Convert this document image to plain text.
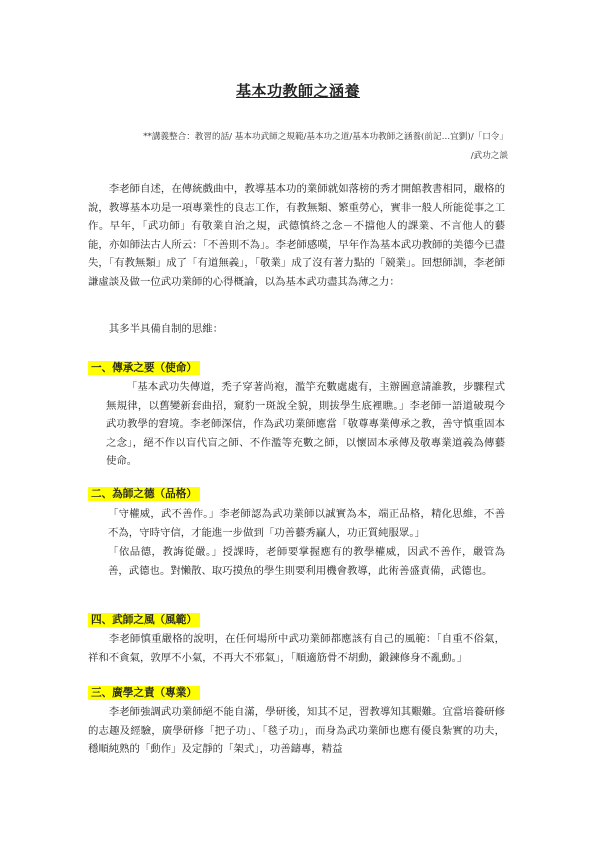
基本功教師之涵養
**講義整合：教習的話/ 基本功武師之規範/基本功之道/基本功教師之涵養(前記…宜劉)/「口令」
/武功之談

李老師自述，在傳統戲曲中，教導基本功的業師就如落榜的秀才開館教書相同，嚴格的說，教導基本功是一項專業性的良志工作，有教無類、繁重勞心，實非一般人所能從事之工作。早年，「武功師」有敬業自治之規，武德慎終之念－不擋他人的課業、不言他人的藝能，亦如師法古人所云：「不善則不為」。李老師感嘆，早年作為基本武功教師的美德今已盡失，「有教無類」成了「有道無義」，「敬業」成了沒有著力點的「競業」。回想師訓，李老師謙虛談及做一位武功業師的心得概論，以為基本武功盡其為薄之力：

其多半具備自制的思維：

一、傳承之要（使命）

「基本武功失傳道，禿子穿著尚袍，濫竽充數處處有，主辦圖意請誰教，步驟程式無規律，以舊變新套曲招，窺豹一斑說全貌，則拔學生底裡瞧。」李老師一語道破現今武功教學的窘境。李老師深信，作為武功業師應當「敬尊專業傳承之教，善守慎重固本之念」，絕不作以盲代盲之師、不作濫等充數之師，以懷固本承傳及敬專業道義為傳藝使命。

二、為師之德（品格）

「守權威，武不善作。」李老師認為武功業師以誠實為本，端正品格，精化思維，不善不為，守時守信，才能進一步做到「功善藝秀贏人，功正質純服眾。」

「依品德，教誨從嚴。」授課時，老師要掌握應有的教學權威，因武不善作，嚴管為善，武德也。對懶散、取巧摸魚的學生則要利用機會教導，此術善盛責備，武德也。

四、武師之風（風範）

李老師慎重嚴格的說明，在任何場所中武功業師都應該有自己的風範：「自重不俗氣，祥和不貪氣，敦厚不小氣，不再大不邪氣」，「順適筋骨不胡動，鍛鍊修身不亂動。」

三、廣學之責（專業）

李老師強調武功業師絕不能自滿，學研後，知其不足，習教導知其艱難。宜當培養研修的志趣及經驗，廣學研修「把子功」、「毯子功」，而身為武功業師也應有優良紮實的功夫，穩順純熟的「動作」及定靜的「架式」，功善鑄專，精益
